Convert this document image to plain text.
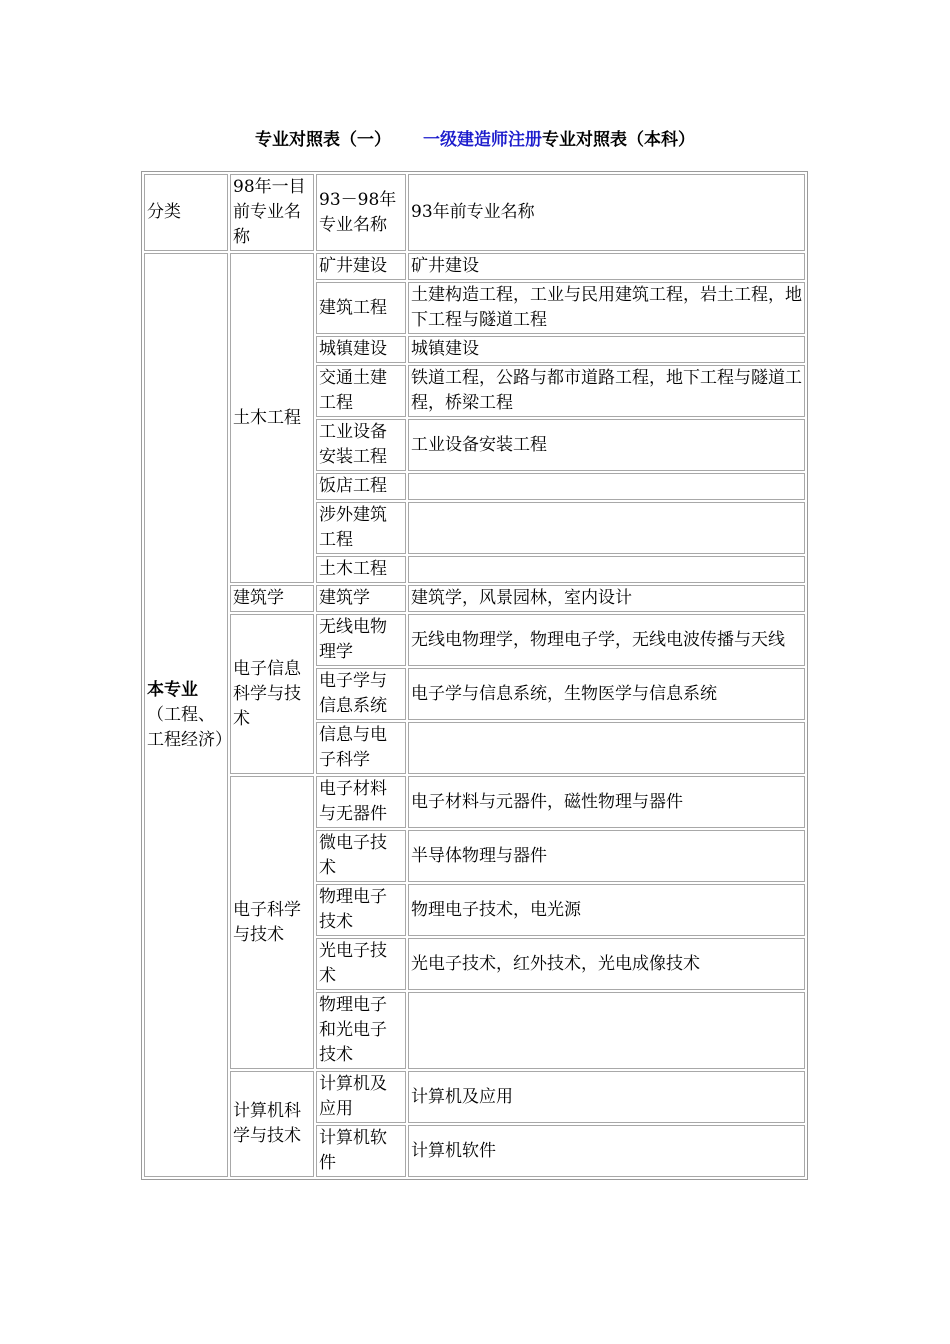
专业对照表（一） 一级建造师注册专业对照表（本科）
分类	98年一目前专业名称	93－98年专业名称	93年前专业名称

本专业
（工程、工程经济）	土木工程	矿井建设	矿井建设
		建筑工程	土建构造工程，工业与民用建筑工程，岩土工程，地下工程与隧道工程
		城镇建设	城镇建设
		交通土建工程	铁道工程，公路与都市道路工程，地下工程与隧道工程，桥梁工程
		工业设备安装工程	工业设备安装工程
		饭店工程	
		涉外建筑工程	
		土木工程	
	建筑学	建筑学	建筑学，风景园林，室内设计
	电子信息科学与技术	无线电物理学	无线电物理学，物理电子学，无线电波传播与天线
		电子学与信息系统	电子学与信息系统，生物医学与信息系统
		信息与电子科学	
	电子科学与技术	电子材料与无器件	电子材料与元器件，磁性物理与器件
		微电子技术	半导体物理与器件
		物理电子技术	物理电子技术，电光源
		光电子技术	光电子技术，红外技术，光电成像技术
		物理电子和光电子技术	
	计算机科学与技术	计算机及应用	计算机及应用
		计算机软件	计算机软件
